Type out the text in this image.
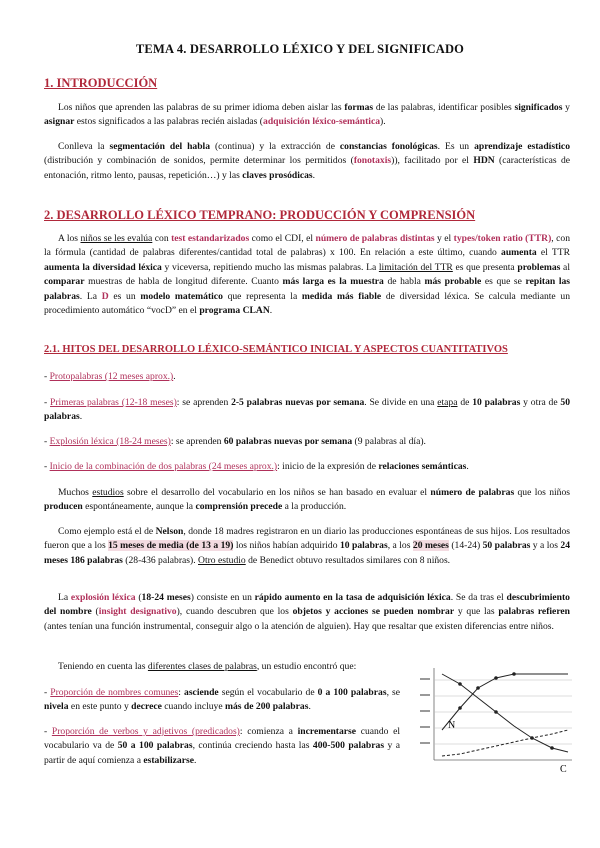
TEMA 4. DESARROLLO LÉXICO Y DEL SIGNIFICADO
1. INTRODUCCIÓN

Los niños que aprenden las palabras de su primer idioma deben aislar las formas de las palabras, identificar posibles significados y asignar estos significados a las palabras recién aisladas (adquisición léxico-semántica).

Conlleva la segmentación del habla (continua) y la extracción de constancias fonológicas. Es un aprendizaje estadístico (distribución y combinación de sonidos, permite determinar los permitidos (fonotaxis)), facilitado por el HDN (características de entonación, ritmo lento, pausas, repetición…) y las claves prosódicas.

2. DESARROLLO LÉXICO TEMPRANO: PRODUCCIÓN Y COMPRENSIÓN

A los niños se les evalúa con test estandarizados como el CDI, el número de palabras distintas y el types/token ratio (TTR), con la fórmula (cantidad de palabras diferentes/cantidad total de palabras) x 100. En relación a este último, cuando aumenta el TTR aumenta la diversidad léxica y viceversa, repitiendo mucho las mismas palabras. La limitación del TTR es que presenta problemas al comparar muestras de habla de longitud diferente. Cuanto más larga es la muestra de habla más probable es que se repitan las palabras. La D es un modelo matemático que representa la medida más fiable de diversidad léxica. Se calcula mediante un procedimiento automático “vocD” en el programa CLAN.

2.1. HITOS DEL DESARROLLO LÉXICO-SEMÁNTICO INICIAL Y ASPECTOS CUANTITATIVOS

- Protopalabras (12 meses aprox.).

- Primeras palabras (12-18 meses): se aprenden 2-5 palabras nuevas por semana. Se divide en una etapa de 10 palabras y otra de 50 palabras.

- Explosión léxica (18-24 meses): se aprenden 60 palabras nuevas por semana (9 palabras al día).

- Inicio de la combinación de dos palabras (24 meses aprox.): inicio de la expresión de relaciones semánticas.

Muchos estudios sobre el desarrollo del vocabulario en los niños se han basado en evaluar el número de palabras que los niños producen espontáneamente, aunque la comprensión precede a la producción.

Como ejemplo está el de Nelson, donde 18 madres registraron en un diario las producciones espontáneas de sus hijos. Los resultados fueron que a los 15 meses de media (de 13 a 19) los niños habían adquirido 10 palabras, a los 20 meses (14-24) 50 palabras y a los 24 meses 186 palabras (28-436 palabras). Otro estudio de Benedict obtuvo resultados similares con 8 niños.

La explosión léxica (18-24 meses) consiste en un rápido aumento en la tasa de adquisición léxica. Se da tras el descubrimiento del nombre (insight designativo), cuando descubren que los objetos y acciones se pueden nombrar y que las palabras refieren (antes tenían una función instrumental, conseguir algo o la atención de alguien). Hay que resaltar que existen diferencias entre niños.

Teniendo en cuenta las diferentes clases de palabras, un estudio encontró que:

- Proporción de nombres comunes: asciende según el vocabulario de 0 a 100 palabras, se nivela en este punto y decrece cuando incluye más de 200 palabras.

- Proporción de verbos y adjetivos (predicados): comienza a incrementarse cuando el vocabulario va de 50 a 100 palabras, continúa creciendo hasta las 400-500 palabras y a partir de aquí comienza a estabilizarse.

N
C
